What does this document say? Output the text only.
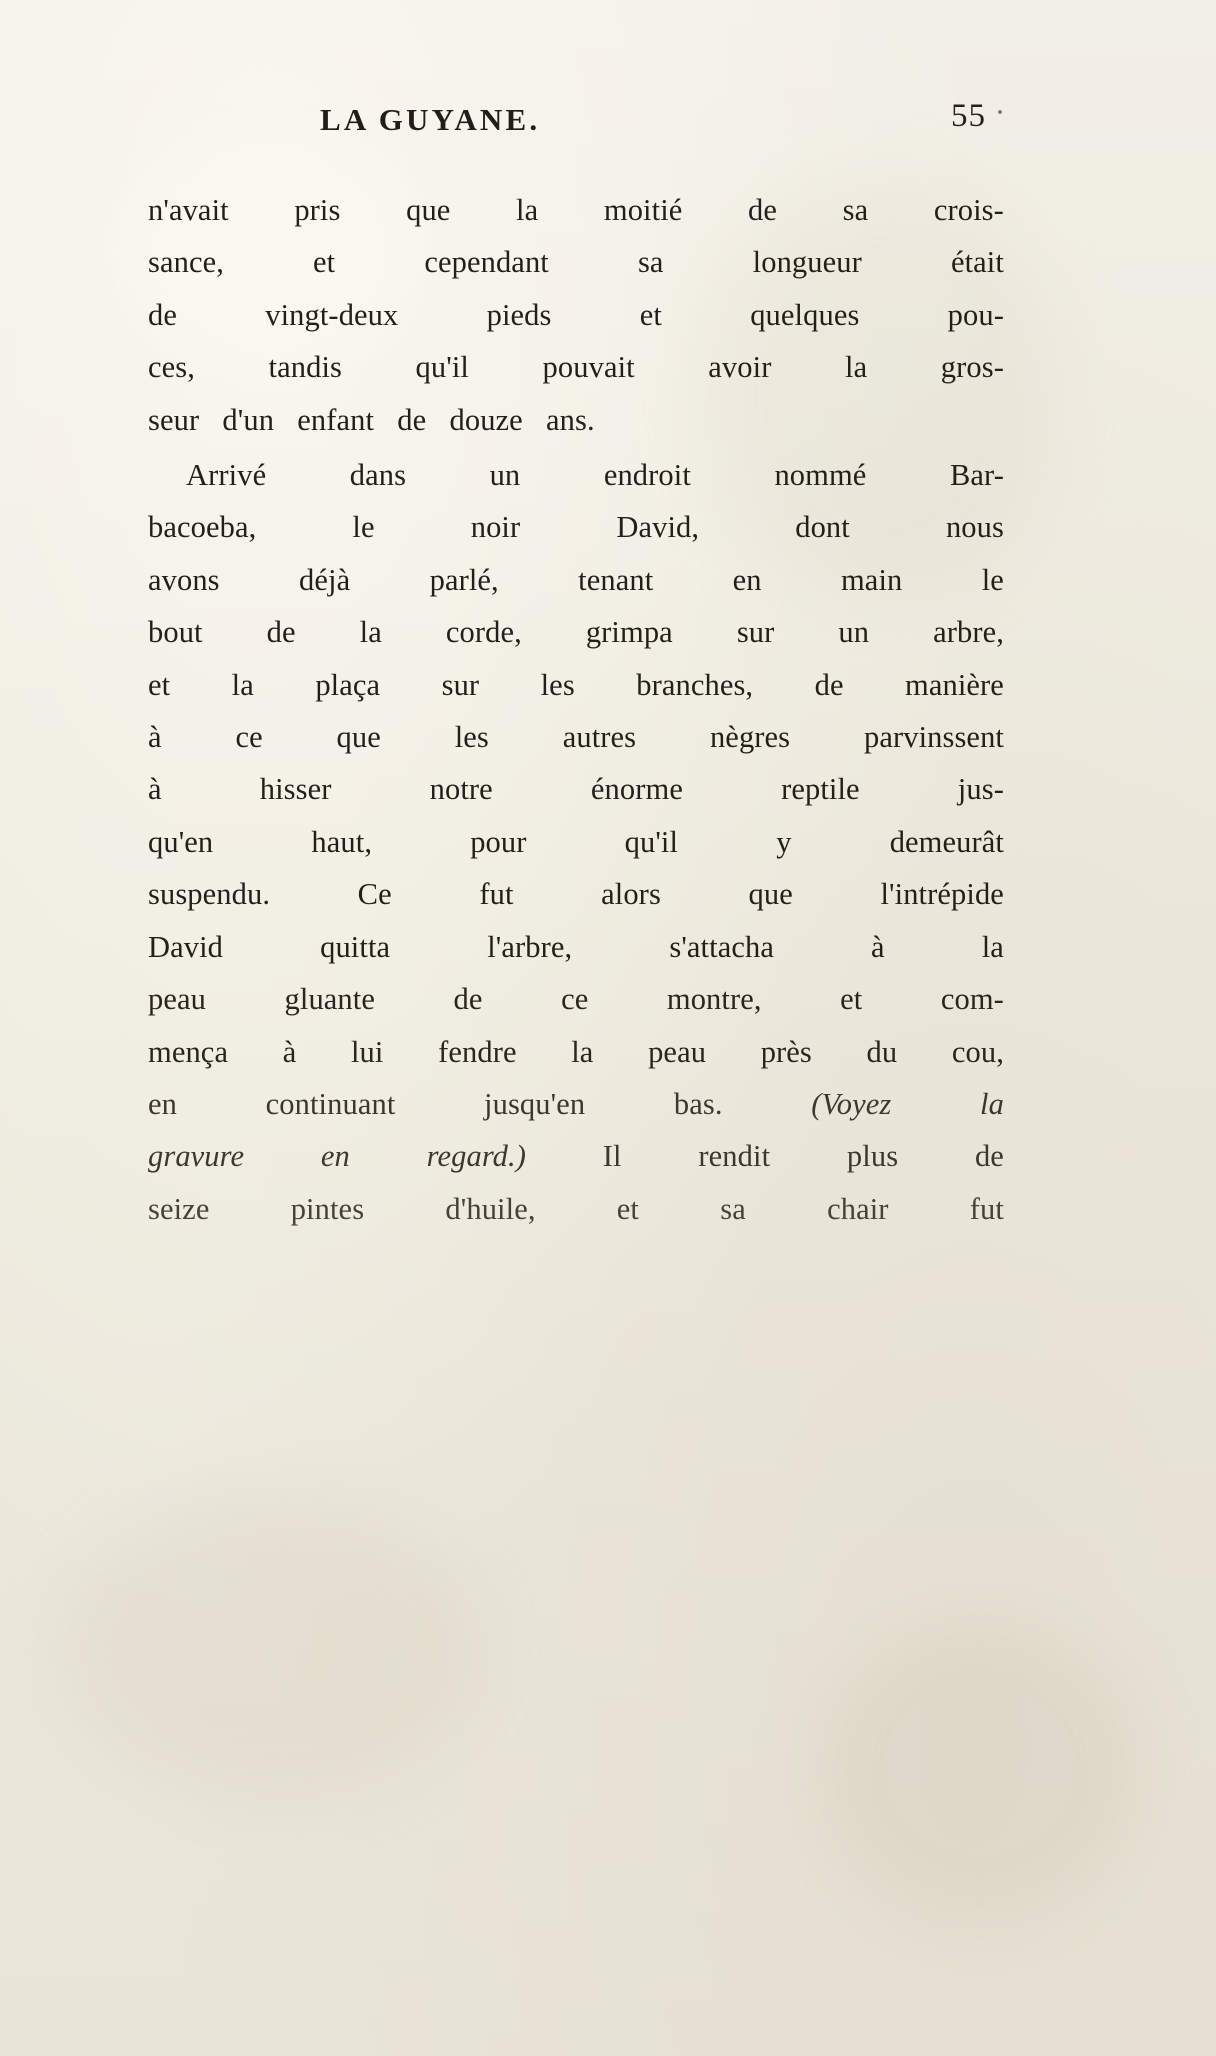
LA GUYANE.	55

n'avait pris que la moitié de sa crois-
sance,	et	cependant	sa	longueur	était
de	vingt-deux	pieds	et	quelques	pou-
ces, tandis qu'il pouvait avoir la gros-
seur d'un enfant de douze ans.

Arrivé	dans	un	endroit	nommé	Bar-
bacoeba,	le	noir	David,	dont	nous
avons	déjà	parlé,	tenant	en	main	le
bout de la corde, grimpa sur un arbre,
et la plaça sur les branches, de manière
à ce que les autres nègres parvinssent
à	hisser	notre	énorme	reptile	jus-
qu'en	haut,	pour	qu'il	y	demeurât
suspendu.	Ce	fut	alors	que	l'intrépide
David	quitta	l'arbre,	s'attacha	à	la
peau	gluante	de	ce	montre,	et	com-
mença à lui fendre la peau près du cou,
en	continuant	jusqu'en	bas.	(Voyez	la
gravure	en	regard.)	Il	rendit	plus	de
seize	pintes	d'huile,	et	sa	chair	fut
